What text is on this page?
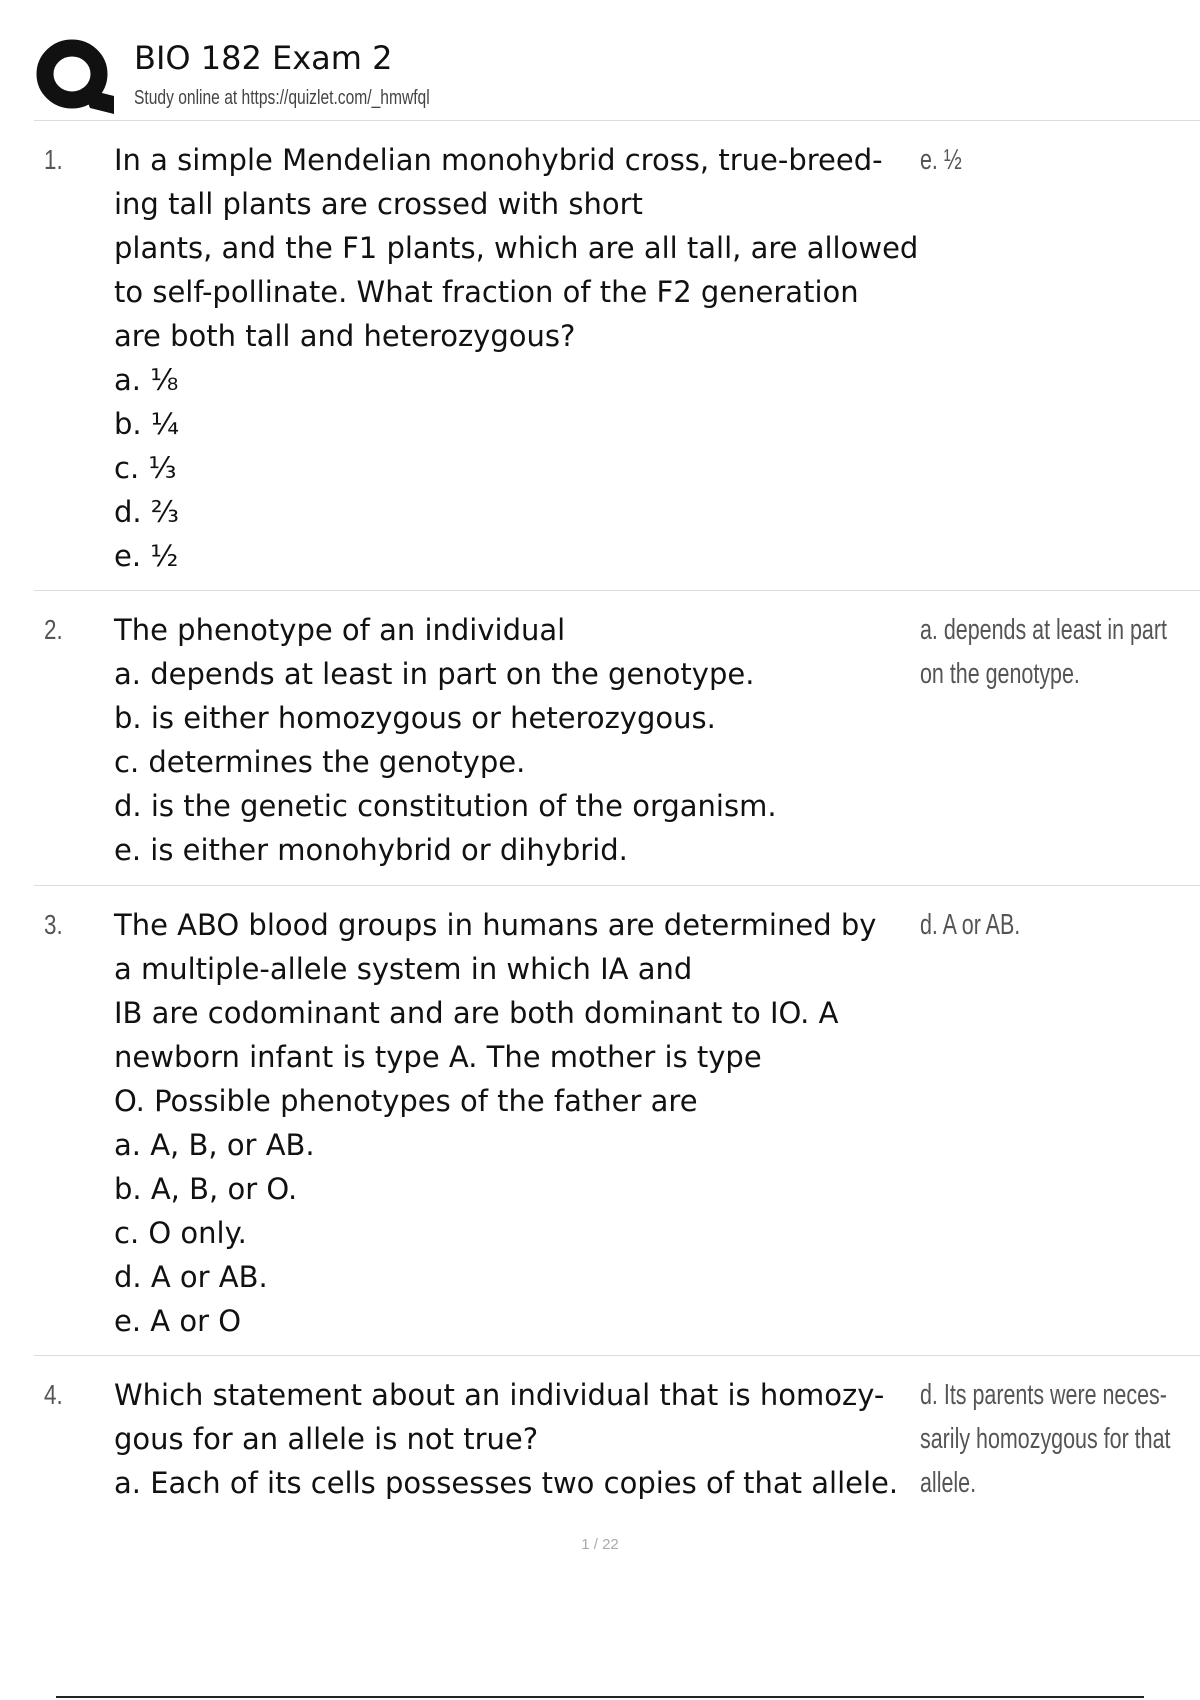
BIO 182 Exam 2
Study online at https://quizlet.com/_hmwfql
1. In a simple Mendelian monohybrid cross, true-breed-
ing tall plants are crossed with short
plants, and the F1 plants, which are all tall, are allowed
to self-pollinate. What fraction of the F2 generation
are both tall and heterozygous?
a. ⅛
b. ¼
c. ⅓
d. ⅔
e. ½
e. ½
2. The phenotype of an individual
a. depends at least in part on the genotype.
b. is either homozygous or heterozygous.
c. determines the genotype.
d. is the genetic constitution of the organism.
e. is either monohybrid or dihybrid.
a. depends at least in part
on the genotype.
3. The ABO blood groups in humans are determined by
a multiple-allele system in which IA and
IB are codominant and are both dominant to IO. A
newborn infant is type A. The mother is type
O. Possible phenotypes of the father are
a. A, B, or AB.
b. A, B, or O.
c. O only.
d. A or AB.
e. A or O
d. A or AB.
4. Which statement about an individual that is homozy-
gous for an allele is not true?
a. Each of its cells possesses two copies of that allele.
d. Its parents were neces-
sarily homozygous for that
allele.
1 / 22
